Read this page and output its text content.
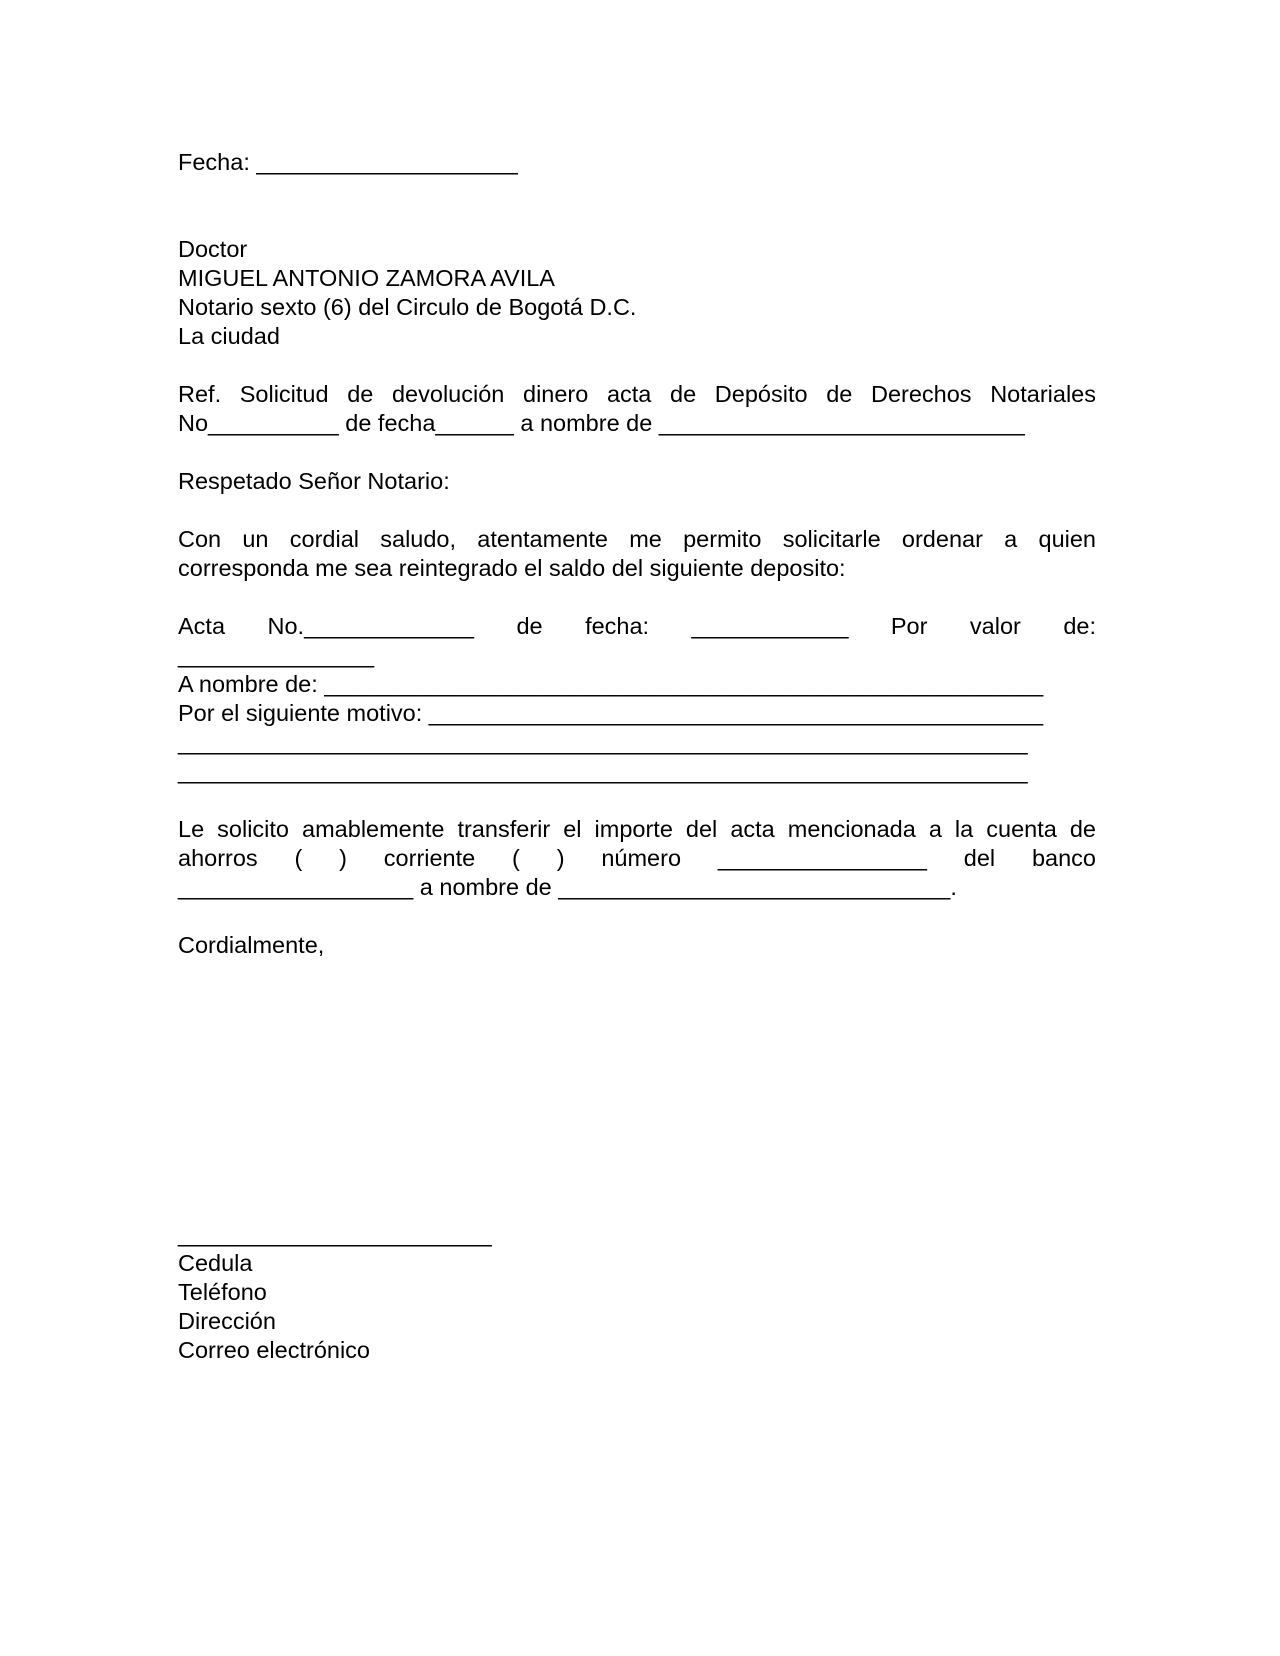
Fecha: ____________________
Doctor
MIGUEL ANTONIO ZAMORA AVILA
Notario sexto (6) del Circulo de Bogotá D.C.
La ciudad
Ref. Solicitud de devolución dinero acta de Depósito de Derechos Notariales
No__________ de fecha______ a nombre de ____________________________
Respetado Señor Notario:
Con un cordial saludo, atentamente me permito solicitarle ordenar a quien
corresponda me sea reintegrado el saldo del siguiente deposito:
Acta No._____________ de fecha: ____________ Por valor de:
_______________
A nombre de: _______________________________________________________
Por el siguiente motivo: _______________________________________________
_________________________________________________________________
_________________________________________________________________
Le solicito amablemente transferir el importe del acta mencionada a la cuenta de
ahorros ( ) corriente ( ) número ________________ del banco
__________________ a nombre de ______________________________.
Cordialmente,
________________________
Cedula
Teléfono
Dirección
Correo electrónico
